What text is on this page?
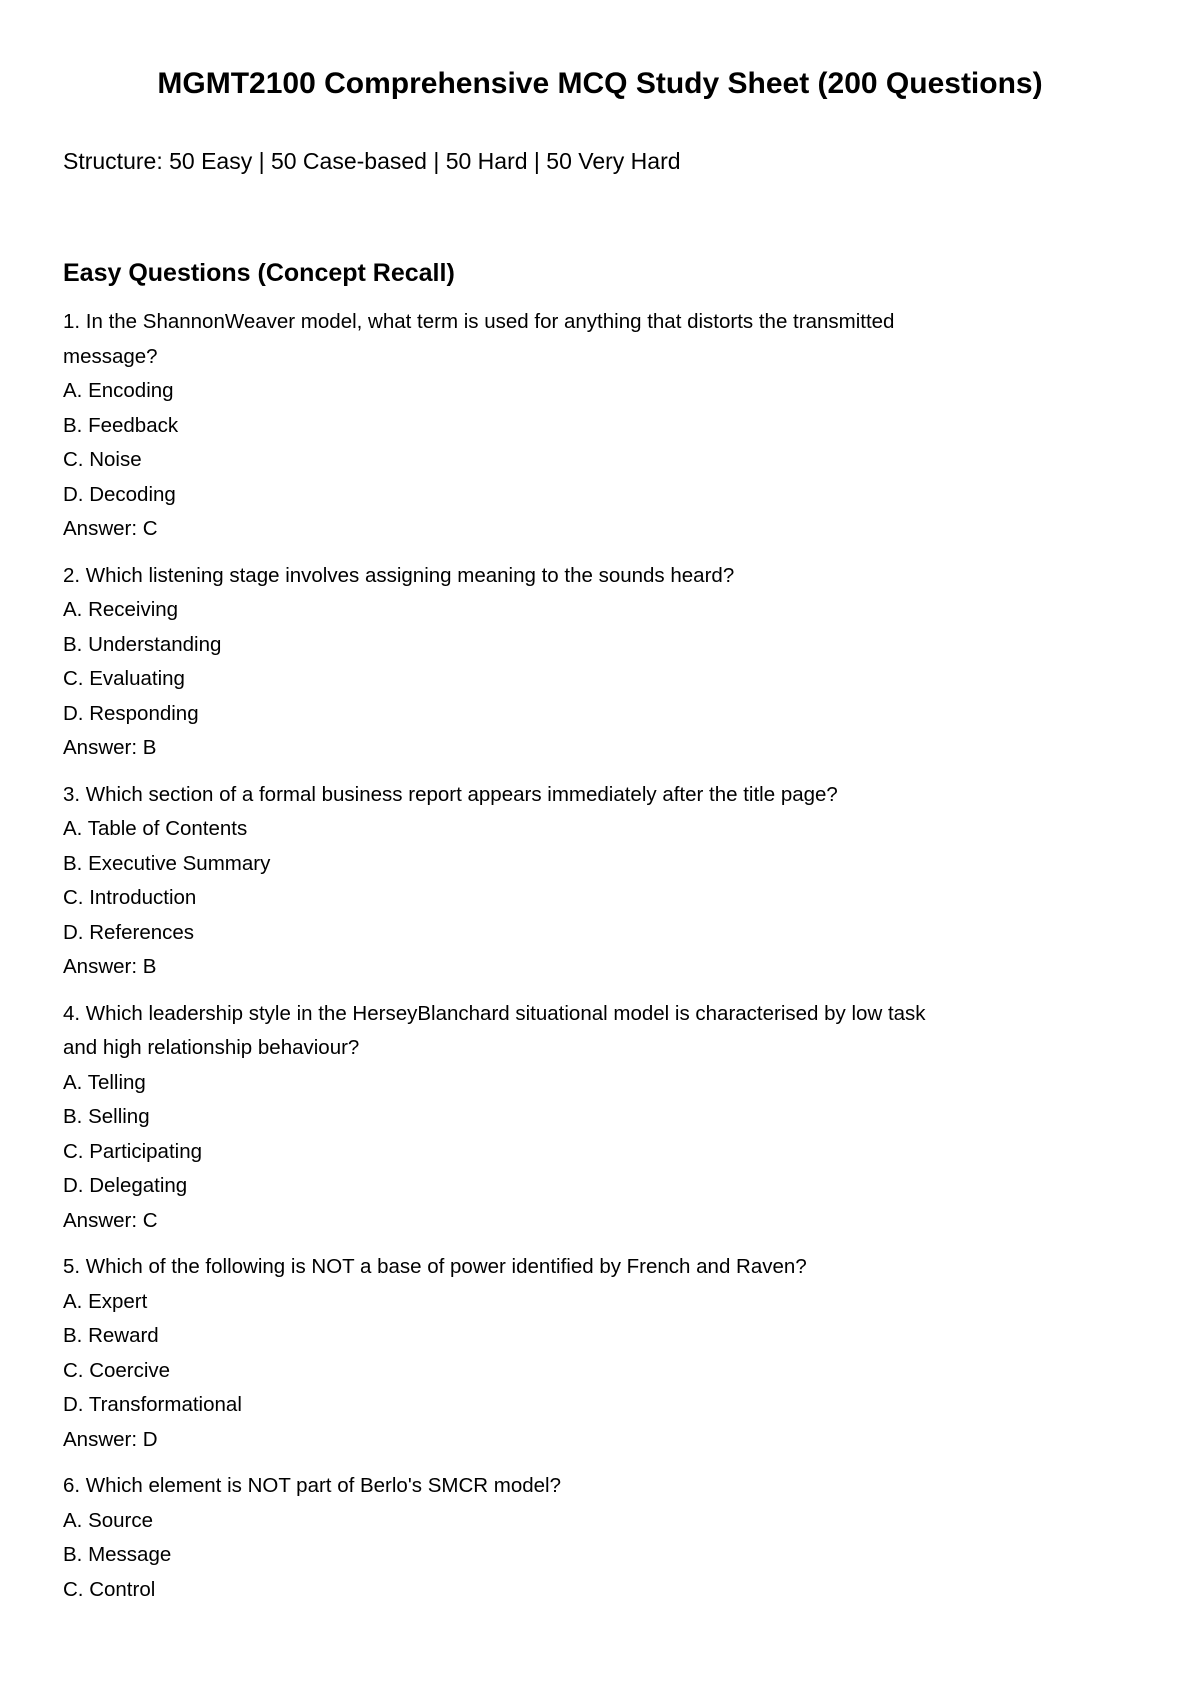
MGMT2100 Comprehensive MCQ Study Sheet (200 Questions)

Structure: 50 Easy | 50 Case-based | 50 Hard | 50 Very Hard

Easy Questions (Concept Recall)
1. In the ShannonWeaver model, what term is used for anything that distorts the transmitted
message?
A. Encoding
B. Feedback
C. Noise
D. Decoding
Answer: C
2. Which listening stage involves assigning meaning to the sounds heard?
A. Receiving
B. Understanding
C. Evaluating
D. Responding
Answer: B
3. Which section of a formal business report appears immediately after the title page?
A. Table of Contents
B. Executive Summary
C. Introduction
D. References
Answer: B
4. Which leadership style in the HerseyBlanchard situational model is characterised by low task
and high relationship behaviour?
A. Telling
B. Selling
C. Participating
D. Delegating
Answer: C
5. Which of the following is NOT a base of power identified by French and Raven?
A. Expert
B. Reward
C. Coercive
D. Transformational
Answer: D
6. Which element is NOT part of Berlo's SMCR model?
A. Source
B. Message
C. Control
